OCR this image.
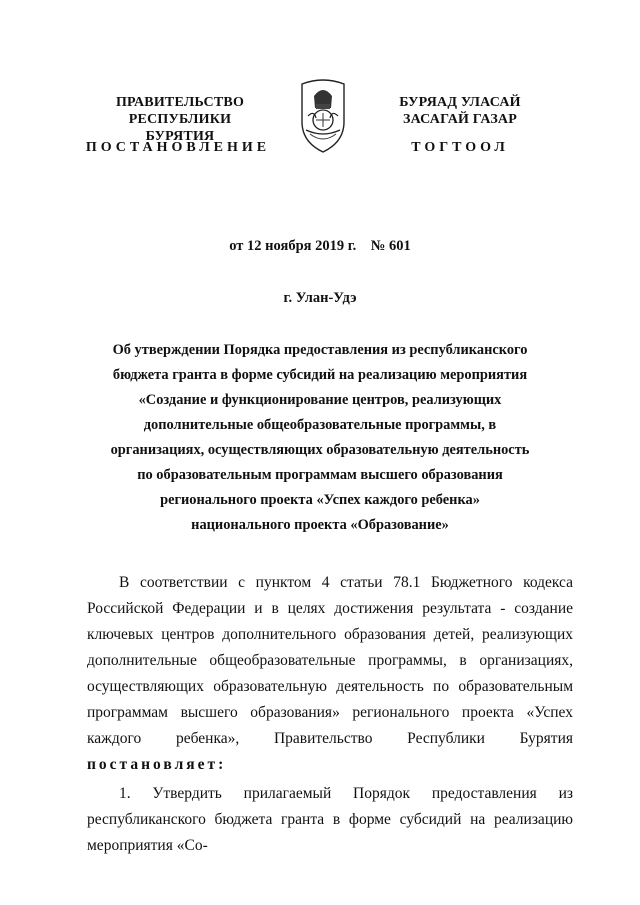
ПРАВИТЕЛЬСТВО
РЕСПУБЛИКИ БУРЯТИЯ
БУРЯАД УЛАСАЙ
ЗАСАГАЙ ГАЗАР
ПОСТАНОВЛЕНИЕ	ТОГТООЛ
от 12 ноября 2019 г.    № 601
г. Улан-Удэ
Об утверждении Порядка предоставления из республиканского
бюджета гранта в форме субсидий на реализацию мероприятия
«Создание и функционирование центров, реализующих
дополнительные общеобразовательные программы, в
организациях, осуществляющих образовательную деятельность
по образовательным программам высшего образования
регионального проекта «Успех каждого ребенка»
национального проекта «Образование»
В соответствии с пунктом 4 статьи 78.1 Бюджетного кодекса Российской Федерации и в целях достижения результата - создание ключевых центров дополнительного образования детей, реализующих дополнительные общеобразовательные программы, в организациях, осуществляющих образовательную деятельность по образовательным программам высшего образования» регионального проекта «Успех каждого ребенка», Правительство Республики Бурятия постановляет:
1. Утвердить прилагаемый Порядок предоставления из республиканского бюджета гранта в форме субсидий на реализацию мероприятия «Со-
